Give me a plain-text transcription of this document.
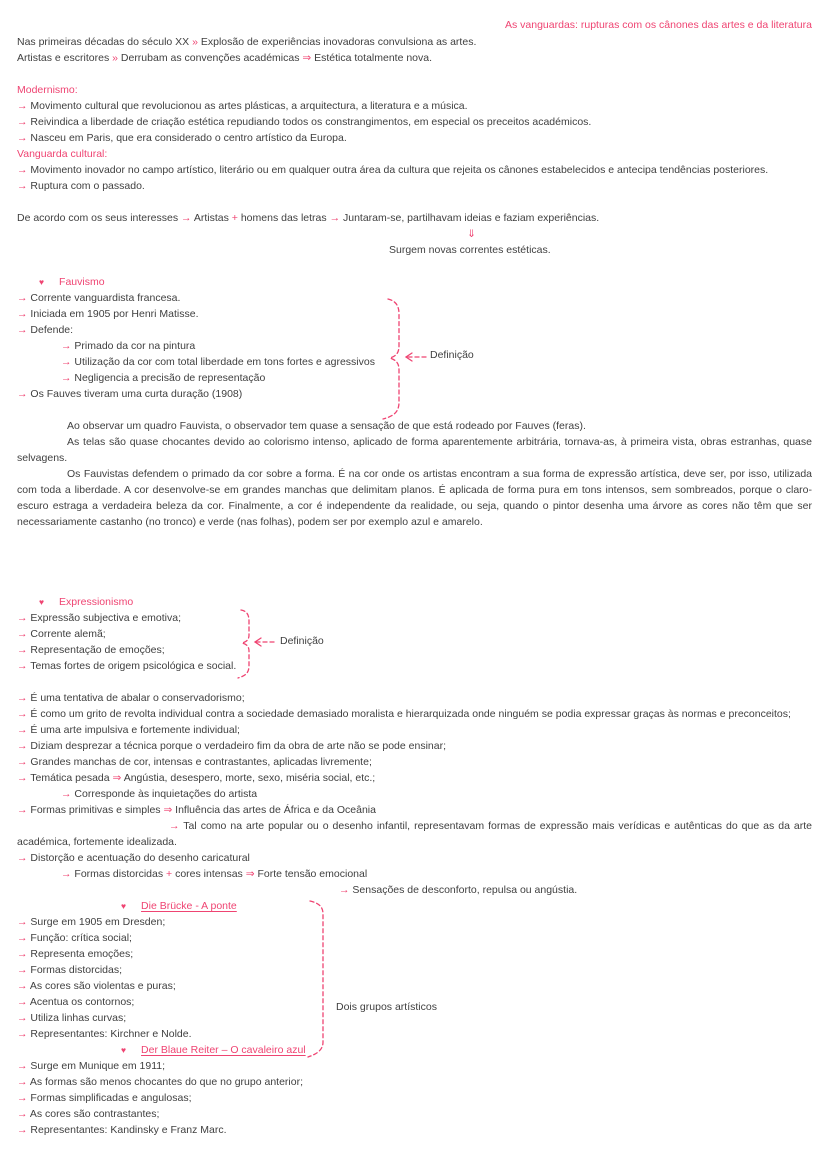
As vanguardas: rupturas com os cânones das artes e da literatura
Nas primeiras décadas do século XX » Explosão de experiências inovadoras convulsiona as artes.
Artistas e escritores » Derrubam as convenções académicas ⇒ Estética totalmente nova.
Modernismo:
→ Movimento cultural que revolucionou as artes plásticas, a arquitectura, a literatura e a música.
→ Reivindica a liberdade de criação estética repudiando todos os constrangimentos, em especial os preceitos académicos.
→ Nasceu em Paris, que era considerado o centro artístico da Europa.
Vanguarda cultural:
→ Movimento inovador no campo artístico, literário ou em qualquer outra área da cultura que rejeita os cânones estabelecidos e antecipa tendências posteriores.
→ Ruptura com o passado.
De acordo com os seus interesses → Artistas + homens das letras → Juntaram-se, partilhavam ideias e faziam experiências.
⇓
Surgem novas correntes estéticas.
♥ Fauvismo
→ Corrente vanguardista francesa.
→ Iniciada em 1905 por Henri Matisse.
→ Defende:
→ Primado da cor na pintura
→ Utilização da cor com total liberdade em tons fortes e agressivos
→ Negligencia a precisão de representação
→ Os Fauves tiveram uma curta duração (1908)
Ao observar um quadro Fauvista, o observador tem quase a sensação de que está rodeado por Fauves (feras).
As telas são quase chocantes devido ao colorismo intenso, aplicado de forma aparentemente arbitrária, tornava-as, à primeira vista, obras estranhas, quase selvagens.
Os Fauvistas defendem o primado da cor sobre a forma. É na cor onde os artistas encontram a sua forma de expressão artística, deve ser, por isso, utilizada com toda a liberdade. A cor desenvolve-se em grandes manchas que delimitam planos. É aplicada de forma pura em tons intensos, sem sombreados, porque o claro-escuro estraga a verdadeira beleza da cor. Finalmente, a cor é independente da realidade, ou seja, quando o pintor desenha uma árvore as cores não têm que ser necessariamente castanho (no tronco) e verde (nas folhas), podem ser por exemplo azul e amarelo.
♥ Expressionismo
→ Expressão subjectiva e emotiva;
→ Corrente alemã;
→ Representação de emoções;
→ Temas fortes de origem psicológica e social.
→ É uma tentativa de abalar o conservadorismo;
→ É como um grito de revolta individual contra a sociedade demasiado moralista e hierarquizada onde ninguém se podia expressar graças às normas e preconceitos;
→ É uma arte impulsiva e fortemente individual;
→ Diziam desprezar a técnica porque o verdadeiro fim da obra de arte não se pode ensinar;
→ Grandes manchas de cor, intensas e contrastantes, aplicadas livremente;
→ Temática pesada ⇒ Angústia, desespero, morte, sexo, miséria social, etc.;
→ Corresponde às inquietações do artista
→ Formas primitivas e simples ⇒ Influência das artes de África e da Oceânia
→ Tal como na arte popular ou o desenho infantil, representavam formas de expressão mais verídicas e autênticas do que as da arte académica, fortemente idealizada.
→ Distorção e acentuação do desenho caricatural
→ Formas distorcidas + cores intensas ⇒ Forte tensão emocional
→ Sensações de desconforto, repulsa ou angústia.
♥ Die Brücke - A ponte
→ Surge em 1905 em Dresden;
→ Função: crítica social;
→ Representa emoções;
→ Formas distorcidas;
→ As cores são violentas e puras;
→ Acentua os contornos;
→ Utiliza linhas curvas;
→ Representantes: Kirchner e Nolde.
♥ Der Blaue Reiter – O cavaleiro azul
→ Surge em Munique em 1911;
→ As formas são menos chocantes do que no grupo anterior;
→ Formas simplificadas e angulosas;
→ As cores são contrastantes;
→ Representantes: Kandinsky e Franz Marc.
Definição
Definição
Dois grupos artísticos
